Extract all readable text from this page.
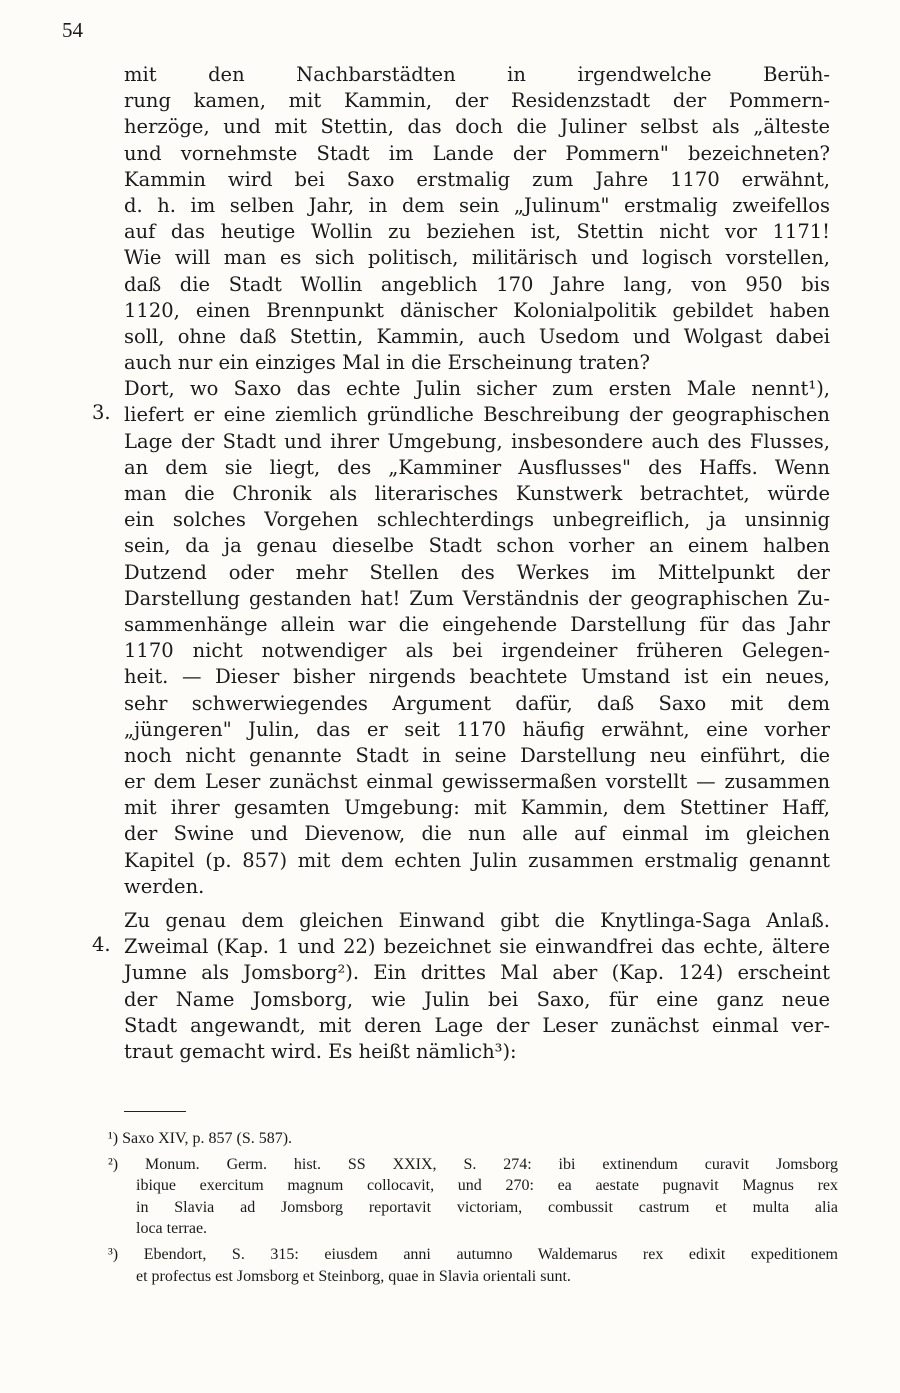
54
mit den Nachbarstädten in irgendwelche Berüh-
rung kamen, mit Kammin, der Residenzstadt der Pommern-
herzöge, und mit Stettin, das doch die Juliner selbst als „älteste
und vornehmste Stadt im Lande der Pommern" bezeichneten?
Kammin wird bei Saxo erstmalig zum Jahre 1170 erwähnt,
d. h. im selben Jahr, in dem sein „Julinum" erstmalig zweifellos
auf das heutige Wollin zu beziehen ist, Stettin nicht vor 1171!
Wie will man es sich politisch, militärisch und logisch vorstellen,
daß die Stadt Wollin angeblich 170 Jahre lang, von 950 bis
1120, einen Brennpunkt dänischer Kolonialpolitik gebildet haben
soll, ohne daß Stettin, Kammin, auch Usedom und Wolgast dabei
auch nur ein einziges Mal in die Erscheinung traten?
Dort, wo Saxo das echte Julin sicher zum ersten Male nennt¹),
liefert er eine ziemlich gründliche Beschreibung der geographischen
Lage der Stadt und ihrer Umgebung, insbesondere auch des Flusses,
an dem sie liegt, des „Kamminer Ausflusses" des Haffs. Wenn
man die Chronik als literarisches Kunstwerk betrachtet, würde
ein solches Vorgehen schlechterdings unbegreiflich, ja unsinnig
sein, da ja genau dieselbe Stadt schon vorher an einem halben
Dutzend oder mehr Stellen des Werkes im Mittelpunkt der
Darstellung gestanden hat! Zum Verständnis der geographischen Zu-
sammenhänge allein war die eingehende Darstellung für das Jahr
1170 nicht notwendiger als bei irgendeiner früheren Gelegen-
heit. — Dieser bisher nirgends beachtete Umstand ist ein neues,
sehr schwerwiegendes Argument dafür, daß Saxo mit dem
„jüngeren" Julin, das er seit 1170 häufig erwähnt, eine vorher
noch nicht genannte Stadt in seine Darstellung neu einführt, die
er dem Leser zunächst einmal gewissermaßen vorstellt — zusammen
mit ihrer gesamten Umgebung: mit Kammin, dem Stettiner Haff,
der Swine und Dievenow, die nun alle auf einmal im gleichen
Kapitel (p. 857) mit dem echten Julin zusammen erstmalig genannt
werden.
Zu genau dem gleichen Einwand gibt die Knytlinga-Saga Anlaß.
Zweimal (Kap. 1 und 22) bezeichnet sie einwandfrei das echte, ältere
Jumne als Jomsborg²). Ein drittes Mal aber (Kap. 124) erscheint
der Name Jomsborg, wie Julin bei Saxo, für eine ganz neue
Stadt angewandt, mit deren Lage der Leser zunächst einmal ver-
traut gemacht wird. Es heißt nämlich³):
3.
4.
¹) Saxo XIV, p. 857 (S. 587).
²) Monum. Germ. hist. SS XXIX, S. 274: ibi extinendum curavit Jomsborg
ibique exercitum magnum collocavit, und 270: ea aestate pugnavit Magnus rex
in Slavia ad Jomsborg reportavit victoriam, combussit castrum et multa alia
loca terrae.
³) Ebendort, S. 315: eiusdem anni autumno Waldemarus rex edixit expeditionem
et profectus est Jomsborg et Steinborg, quae in Slavia orientali sunt.
